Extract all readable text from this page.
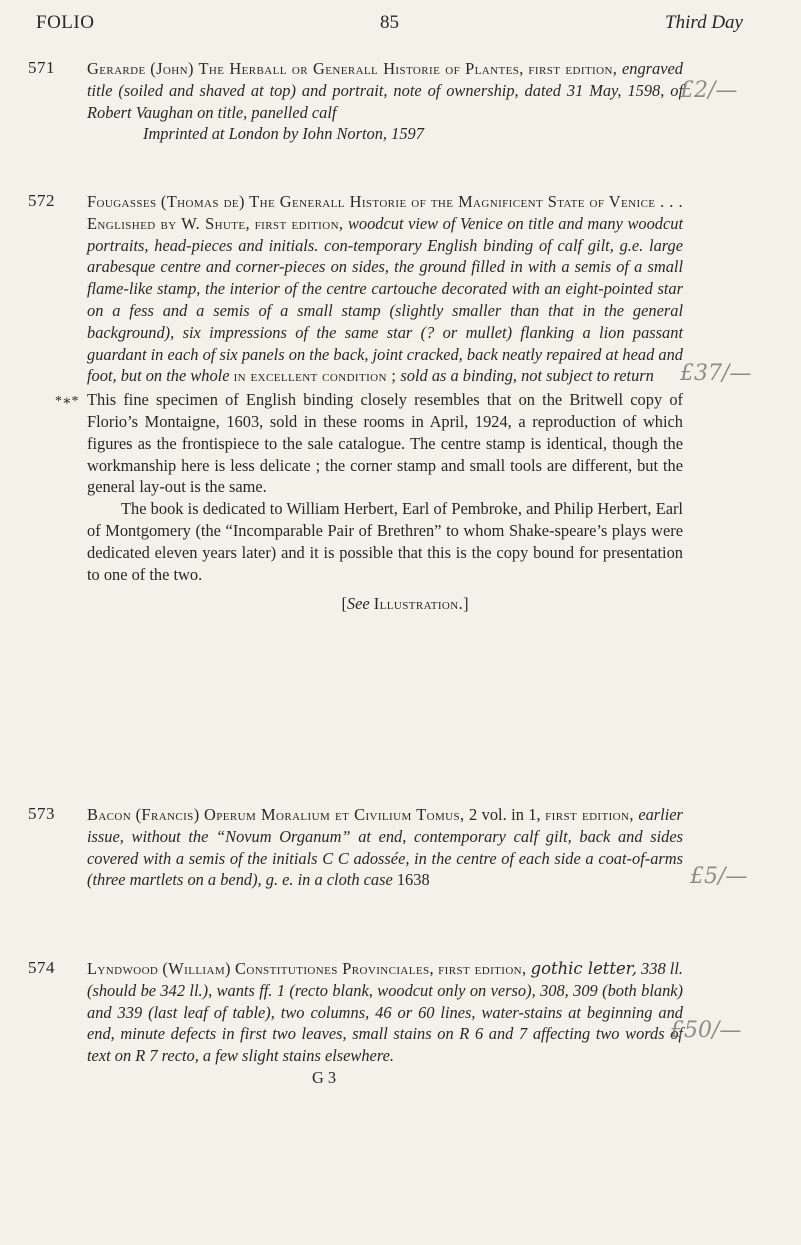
FOLIO	85	Third Day
571 Gerarde (John) The Herball or Generall Historie of Plantes, first edition, engraved title (soiled and shaved at top) and portrait, note of ownership, dated 31 May, 1598, of Robert Vaughan on title, panelled calf

Imprinted at London by Iohn Norton, 1597
£2/—
572 Fougasses (Thomas de) The Generall Historie of the Magnificent State of Venice . . . Englished by W. Shute, first edition, woodcut view of Venice on title and many woodcut portraits, head-pieces and initials. con-temporary English binding of calf gilt, g.e. large arabesque centre and corner-pieces on sides, the ground filled in with a semis of a small flame-like stamp, the interior of the centre cartouche decorated with an eight-pointed star on a fess and a semis of a small stamp (slightly smaller than that in the general background), six impressions of the same star (? or mullet) flanking a lion passant guardant in each of six panels on the back, joint cracked, back neatly repaired at head and foot, but on the whole in excellent condition ; sold as a binding, not subject to return
*∗* This fine specimen of English binding closely resembles that on the Britwell copy of Florio’s Montaigne, 1603, sold in these rooms in April, 1924, a reproduction of which figures as the frontispiece to the sale catalogue. The centre stamp is identical, though the workmanship here is less delicate ; the corner stamp and small tools are different, but the general lay-out is the same.

The book is dedicated to William Herbert, Earl of Pembroke, and Philip Herbert, Earl of Montgomery (the “Incomparable Pair of Brethren” to whom Shake-speare’s plays were dedicated eleven years later) and it is possible that this is the copy bound for presentation to one of the two.

[See Illustration.]
£37/—
573 Bacon (Francis) Operum Moralium et Civilium Tomus, 2 vol. in 1, first edition, earlier issue, without the “Novum Organum” at end, contemporary calf gilt, back and sides covered with a semis of the initials C C adossée, in the centre of each side a coat-of-arms (three martlets on a bend), g. e. in a cloth case 1638	£5/—
574 Lyndwood (William) Constitutiones Provinciales, first edition, gothic letter, 338 ll. (should be 342 ll.), wants ff. 1 (recto blank, woodcut only on verso), 308, 309 (both blank) and 339 (last leaf of table), two columns, 46 or 60 lines, water-stains at beginning and end, minute defects in first two leaves, small stains on R 6 and 7 affecting two words of text on R 7 recto, a few slight stains elsewhere.
G 3
£50/—
